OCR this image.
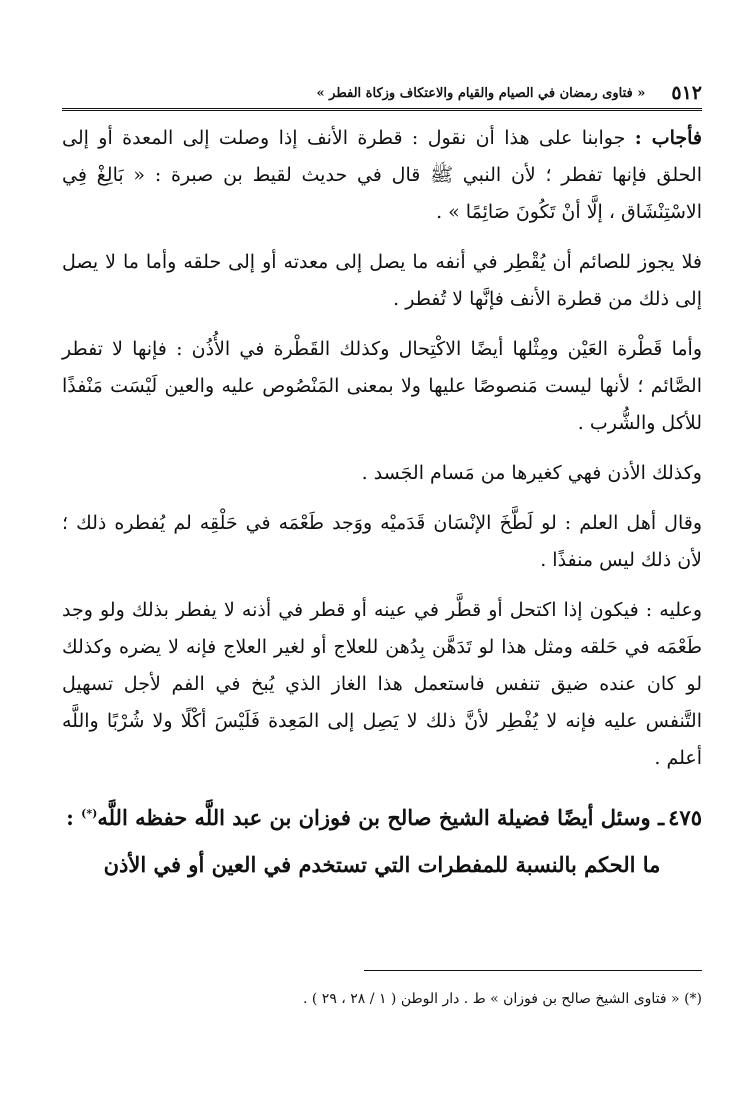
٥١٢
« فتاوى رمضان في الصيام والقيام والاعتكاف وزكاة الفطر »

فأجاب : جوابنا على هذا أن نقول : قطرة الأنف إذا وصلت إلى المعدة أو إلى الحلق فإنها تفطر ؛ لأن النبي ﷺ قال في حديث لقيط بن صبرة : « بَالِغْ فِي الاسْتِنْشَاق ، إلَّا أنْ تَكُونَ صَائِمًا » .

فلا يجوز للصائم أن يُقْطِر في أنفه ما يصل إلى معدته أو إلى حلقه وأما ما لا يصل إلى ذلك من قطرة الأنف فإنَّها لا تُفطر .

وأما قَطْرة العَيْن ومِثْلها أيضًا الاكْتِحال وكذلك القَطْرة في الأُذُن : فإنها لا تفطر الصَّائم ؛ لأنها ليست مَنصوصًا عليها ولا بمعنى المَنْصُوص عليه والعين لَيْسَت مَنْفذًا للأكل والشُّرب .

وكذلك الأذن فهي كغيرها من مَسام الجَسد .

وقال أهل العلم : لو لَطَّخَ الإنْسَان قَدَميْه ووَجد طَعْمَه في حَلْقِه لم يُفطره ذلك ؛ لأن ذلك ليس منفذًا .

وعليه : فيكون إذا اكتحل أو قطَّر في عينه أو قطر في أذنه لا يفطر بذلك ولو وجد طَعْمَه في حَلقه ومثل هذا لو تَدَهَّن بِدُهن للعلاج أو لغير العلاج فإنه لا يضره وكذلك لو كان عنده ضيق تنفس فاستعمل هذا الغاز الذي يُبخ في الفم لأجل تسهيل التَّنفس عليه فإنه لا يُفْطِر لأنَّ ذلك لا يَصِل إلى المَعِدة فَلَيْسَ أكْلًا ولا شُرْبًا واللَّه أعلم .

٤٧٥ـ وسئل أيضًا فضيلة الشيخ صالح بن فوزان بن عبد اللَّه حفظه اللَّه(*) :

ما الحكم بالنسبة للمفطرات التي تستخدم في العين أو في الأذن

(*) « فتاوى الشيخ صالح بن فوزان » ط . دار الوطن ( ١ / ٢٨ ، ٢٩ ) .
